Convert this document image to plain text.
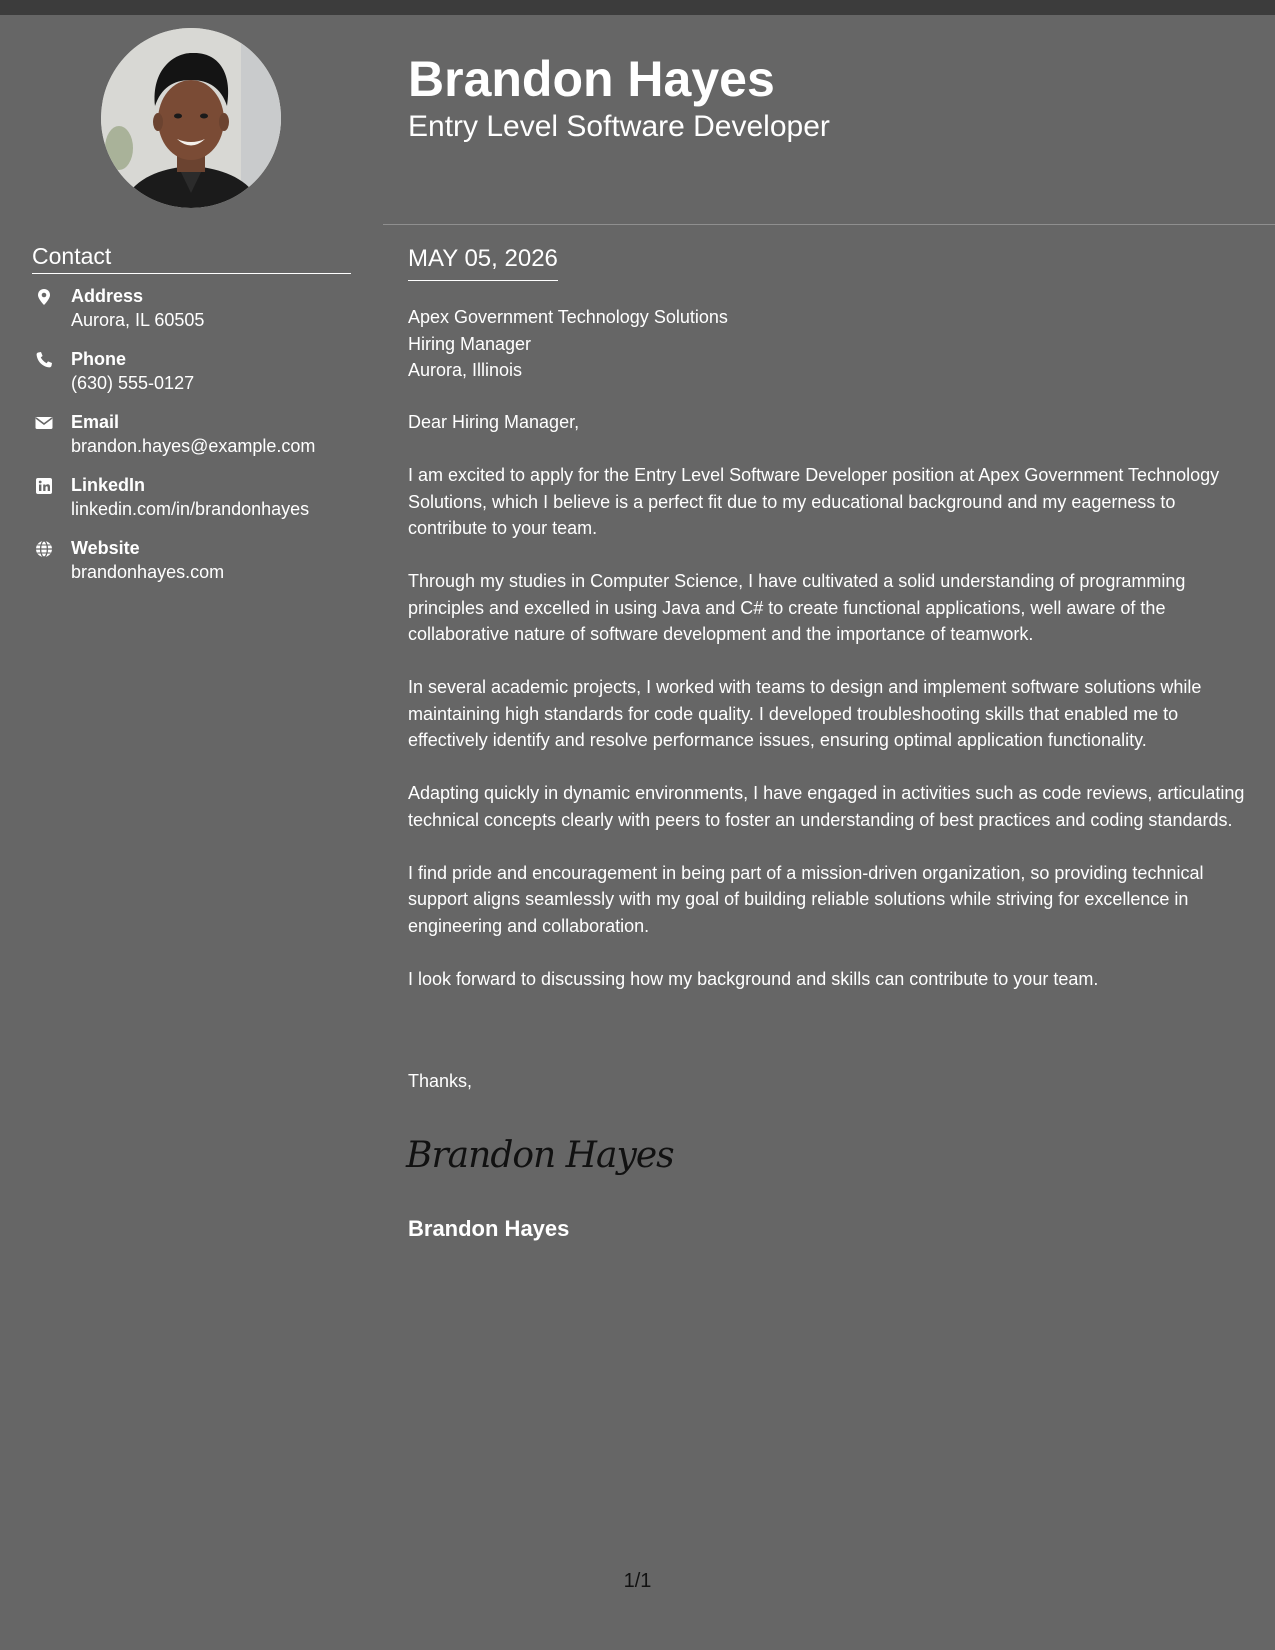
Contact
Address
Aurora, IL 60505
Phone
(630) 555-0127
Email
brandon.hayes@example.com
LinkedIn
linkedin.com/in/brandonhayes
Website
brandonhayes.com
Brandon Hayes
Entry Level Software Developer
MAY 05, 2026
Apex Government Technology Solutions
Hiring Manager
Aurora, Illinois

Dear Hiring Manager,

I am excited to apply for the Entry Level Software Developer position at Apex Government Technology Solutions, which I believe is a perfect fit due to my educational background and my eagerness to contribute to your team.

Through my studies in Computer Science, I have cultivated a solid understanding of programming principles and excelled in using Java and C# to create functional applications, well aware of the collaborative nature of software development and the importance of teamwork.

In several academic projects, I worked with teams to design and implement software solutions while maintaining high standards for code quality. I developed troubleshooting skills that enabled me to effectively identify and resolve performance issues, ensuring optimal application functionality.

Adapting quickly in dynamic environments, I have engaged in activities such as code reviews, articulating technical concepts clearly with peers to foster an understanding of best practices and coding standards.

I find pride and encouragement in being part of a mission-driven organization, so providing technical support aligns seamlessly with my goal of building reliable solutions while striving for excellence in engineering and collaboration.

I look forward to discussing how my background and skills can contribute to your team.

Thanks,
Brandon Hayes
Brandon Hayes
1/1
